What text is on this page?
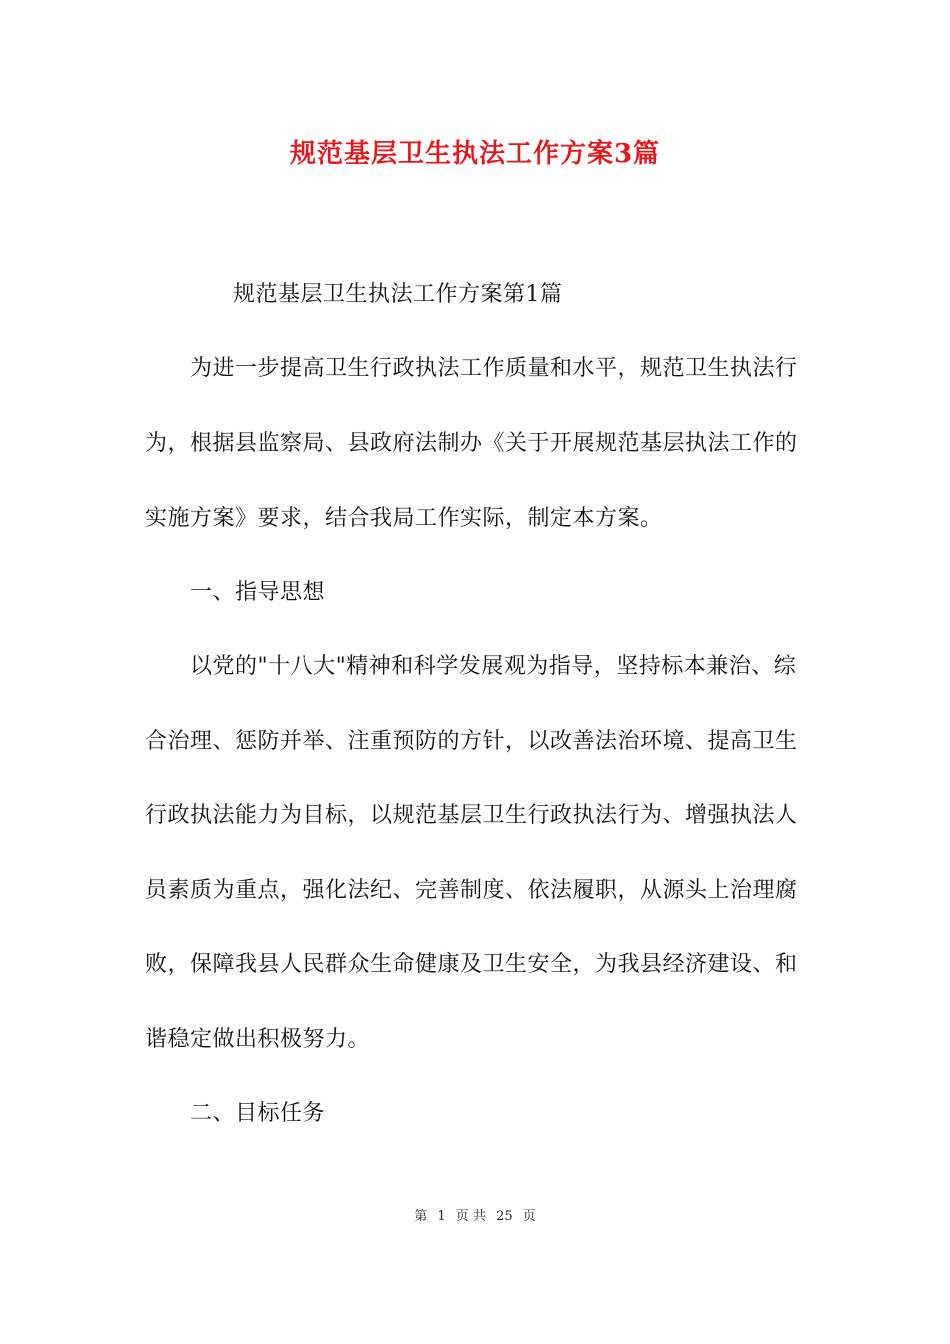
规范基层卫生执法工作方案3篇
规范基层卫生执法工作方案第1篇
为进一步提高卫生行政执法工作质量和水平，规范卫生执法行
为，根据县监察局、县政府法制办《关于开展规范基层执法工作的
实施方案》要求，结合我局工作实际，制定本方案。
一、指导思想
以党的"十八大"精神和科学发展观为指导，坚持标本兼治、综
合治理、惩防并举、注重预防的方针，以改善法治环境、提高卫生
行政执法能力为目标，以规范基层卫生行政执法行为、增强执法人
员素质为重点，强化法纪、完善制度、依法履职，从源头上治理腐
败，保障我县人民群众生命健康及卫生安全，为我县经济建设、和
谐稳定做出积极努力。
二、目标任务
第 1 页 共 25 页
